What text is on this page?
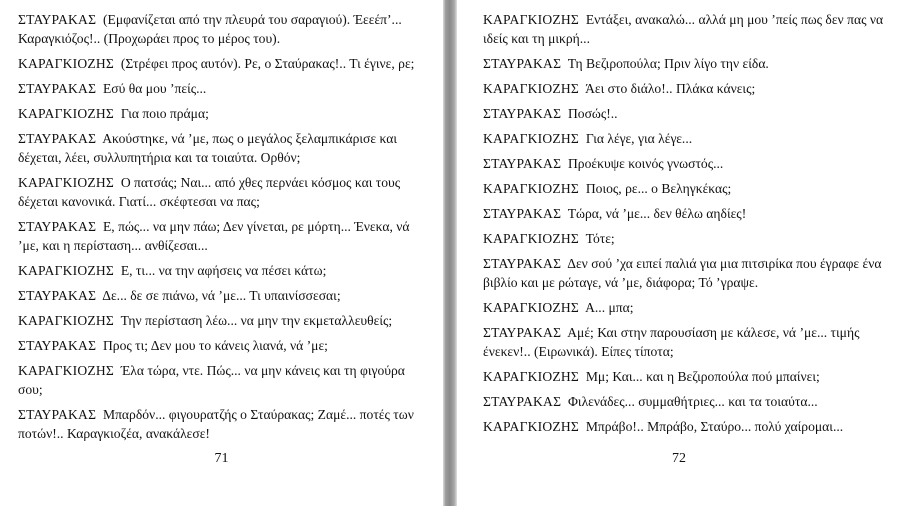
ΣΤΑΥΡΑΚΑΣ (Εμφανίζεται από την πλευρά του σαραγιού). Έεεέπ’... Καραγκιόζος!.. (Προχωράει προς το μέρος του).

ΚΑΡΑΓΚΙΟΖΗΣ (Στρέφει προς αυτόν). Ρε, ο Σταύρακας!.. Τι έγινε, ρε;

ΣΤΑΥΡΑΚΑΣ Εσύ θα μου ’πείς...

ΚΑΡΑΓΚΙΟΖΗΣ Για ποιο πράμα;

ΣΤΑΥΡΑΚΑΣ Ακούστηκε, νά ’με, πως ο μεγάλος ξελαμπικάρισε και δέχεται, λέει, συλλυπητήρια και τα τοιαύτα. Ορθόν;

ΚΑΡΑΓΚΙΟΖΗΣ Ο πατσάς; Ναι... από χθες περνάει κόσμος και τους δέχεται κανονικά. Γιατί... σκέφτεσαι να πας;

ΣΤΑΥΡΑΚΑΣ Ε, πώς... να μην πάω; Δεν γίνεται, ρε μόρτη... Ένεκα, νά ’με, και η περίσταση... ανθίζεσαι...

ΚΑΡΑΓΚΙΟΖΗΣ Ε, τι... να την αφήσεις να πέσει κάτω;

ΣΤΑΥΡΑΚΑΣ Δε... δε σε πιάνω, νά ’με... Τι υπαινίσσεσαι;

ΚΑΡΑΓΚΙΟΖΗΣ Την περίσταση λέω... να μην την εκμεταλλευθείς;

ΣΤΑΥΡΑΚΑΣ Προς τι; Δεν μου το κάνεις λιανά, νά ’με;

ΚΑΡΑΓΚΙΟΖΗΣ Έλα τώρα, ντε. Πώς... να μην κάνεις και τη φιγούρα σου;

ΣΤΑΥΡΑΚΑΣ Μπαρδόν... φιγουρατζής ο Σταύρακας; Ζαμέ... ποτές των ποτών!.. Καραγκιοζέα, ανακάλεσε!

71

ΚΑΡΑΓΚΙΟΖΗΣ Εντάξει, ανακαλώ... αλλά μη μου ’πείς πως δεν πας να ιδείς και τη μικρή...

ΣΤΑΥΡΑΚΑΣ Τη Βεζιροπούλα; Πριν λίγο την είδα.

ΚΑΡΑΓΚΙΟΖΗΣ Άει στο διάλο!.. Πλάκα κάνεις;

ΣΤΑΥΡΑΚΑΣ Ποσώς!..

ΚΑΡΑΓΚΙΟΖΗΣ Για λέγε, για λέγε...

ΣΤΑΥΡΑΚΑΣ Προέκυψε κοινός γνωστός...

ΚΑΡΑΓΚΙΟΖΗΣ Ποιος, ρε... ο Βεληγκέκας;

ΣΤΑΥΡΑΚΑΣ Τώρα, νά ’με... δεν θέλω αηδίες!

ΚΑΡΑΓΚΙΟΖΗΣ Τότε;

ΣΤΑΥΡΑΚΑΣ Δεν σού ’χα ειπεί παλιά για μια πιτσιρίκα που έγραφε ένα βιβλίο και με ρώταγε, νά ’με, διάφορα; Τό ’γραψε.

ΚΑΡΑΓΚΙΟΖΗΣ Α... μπα;

ΣΤΑΥΡΑΚΑΣ Αμέ; Και στην παρουσίαση με κάλεσε, νά ’με... τιμής ένεκεν!.. (Ειρωνικά). Είπες τίποτα;

ΚΑΡΑΓΚΙΟΖΗΣ Μμ; Και... και η Βεζιροπούλα πού μπαίνει;

ΣΤΑΥΡΑΚΑΣ Φιλενάδες... συμμαθήτριες... και τα τοιαύτα...

ΚΑΡΑΓΚΙΟΖΗΣ Μπράβο!.. Μπράβο, Σταύρο... πολύ χαίρομαι...

72
